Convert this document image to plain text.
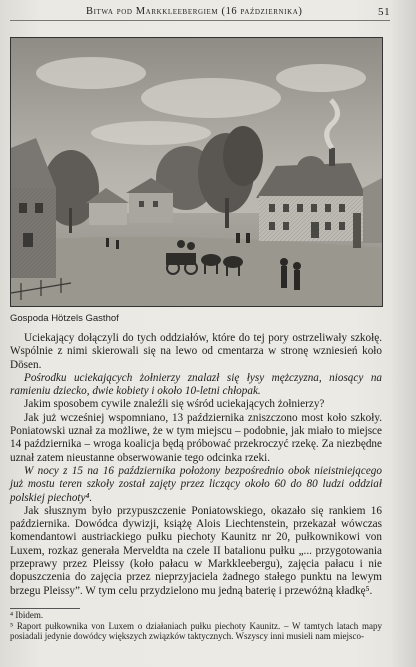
Bitwa pod Markkleebergiem (16 października)	51
Gospoda Hötzels Gasthof

Uciekający dołączyli do tych oddziałów, które do tej pory ostrzeliwały szkołę. Wspólnie z nimi skierowali się na lewo od cmentarza w stronę wzniesień koło Dösen.

Pośrodku uciekających żołnierzy znalazł się łysy mężczyzna, niosący na ramieniu dziecko, dwie kobiety i około 10-letni chłopak.

Jakim sposobem cywile znaleźli się wśród uciekających żołnierzy?

Jak już wcześniej wspomniano, 13 października zniszczono most koło szkoły. Poniatowski uznał za możliwe, że w tym miejscu – podobnie, jak miało to miejsce 14 października – wroga koalicja będą próbować przekroczyć rzekę. Za niezbędne uznał zatem nieustanne obserwowanie tego odcinka rzeki.

W nocy z 15 na 16 października położony bezpośrednio obok nieistniejącego już mostu teren szkoły został zajęty przez liczący około 60 do 80 ludzi oddział polskiej piechoty⁴.

Jak słusznym było przypuszczenie Poniatowskiego, okazało się rankiem 16 października. Dowódca dywizji, książę Alois Liechtenstein, przekazał wówczas komendantowi austriackiego pułku piechoty Kaunitz nr 20, pułkownikowi von Luxem, rozkaz generała Merveldta na czele II batalionu pułku „... przygotowania przeprawy przez Pleissy (koło pałacu w Markkleebergu), zajęcia pałacu i nie dopuszczenia do zajęcia przez nieprzyjaciela żadnego stałego punktu na lewym brzegu Pleissy”. W tym celu przydzielono mu jedną baterię i przewóżną kładkę⁵.

⁴ Ibidem.

⁵ Raport pułkownika von Luxem o działaniach pułku piechoty Kaunitz. – W tamtych latach mapy posiadali jedynie dowódcy większych związków taktycznych. Wszyscy inni musieli nam miejsco-
